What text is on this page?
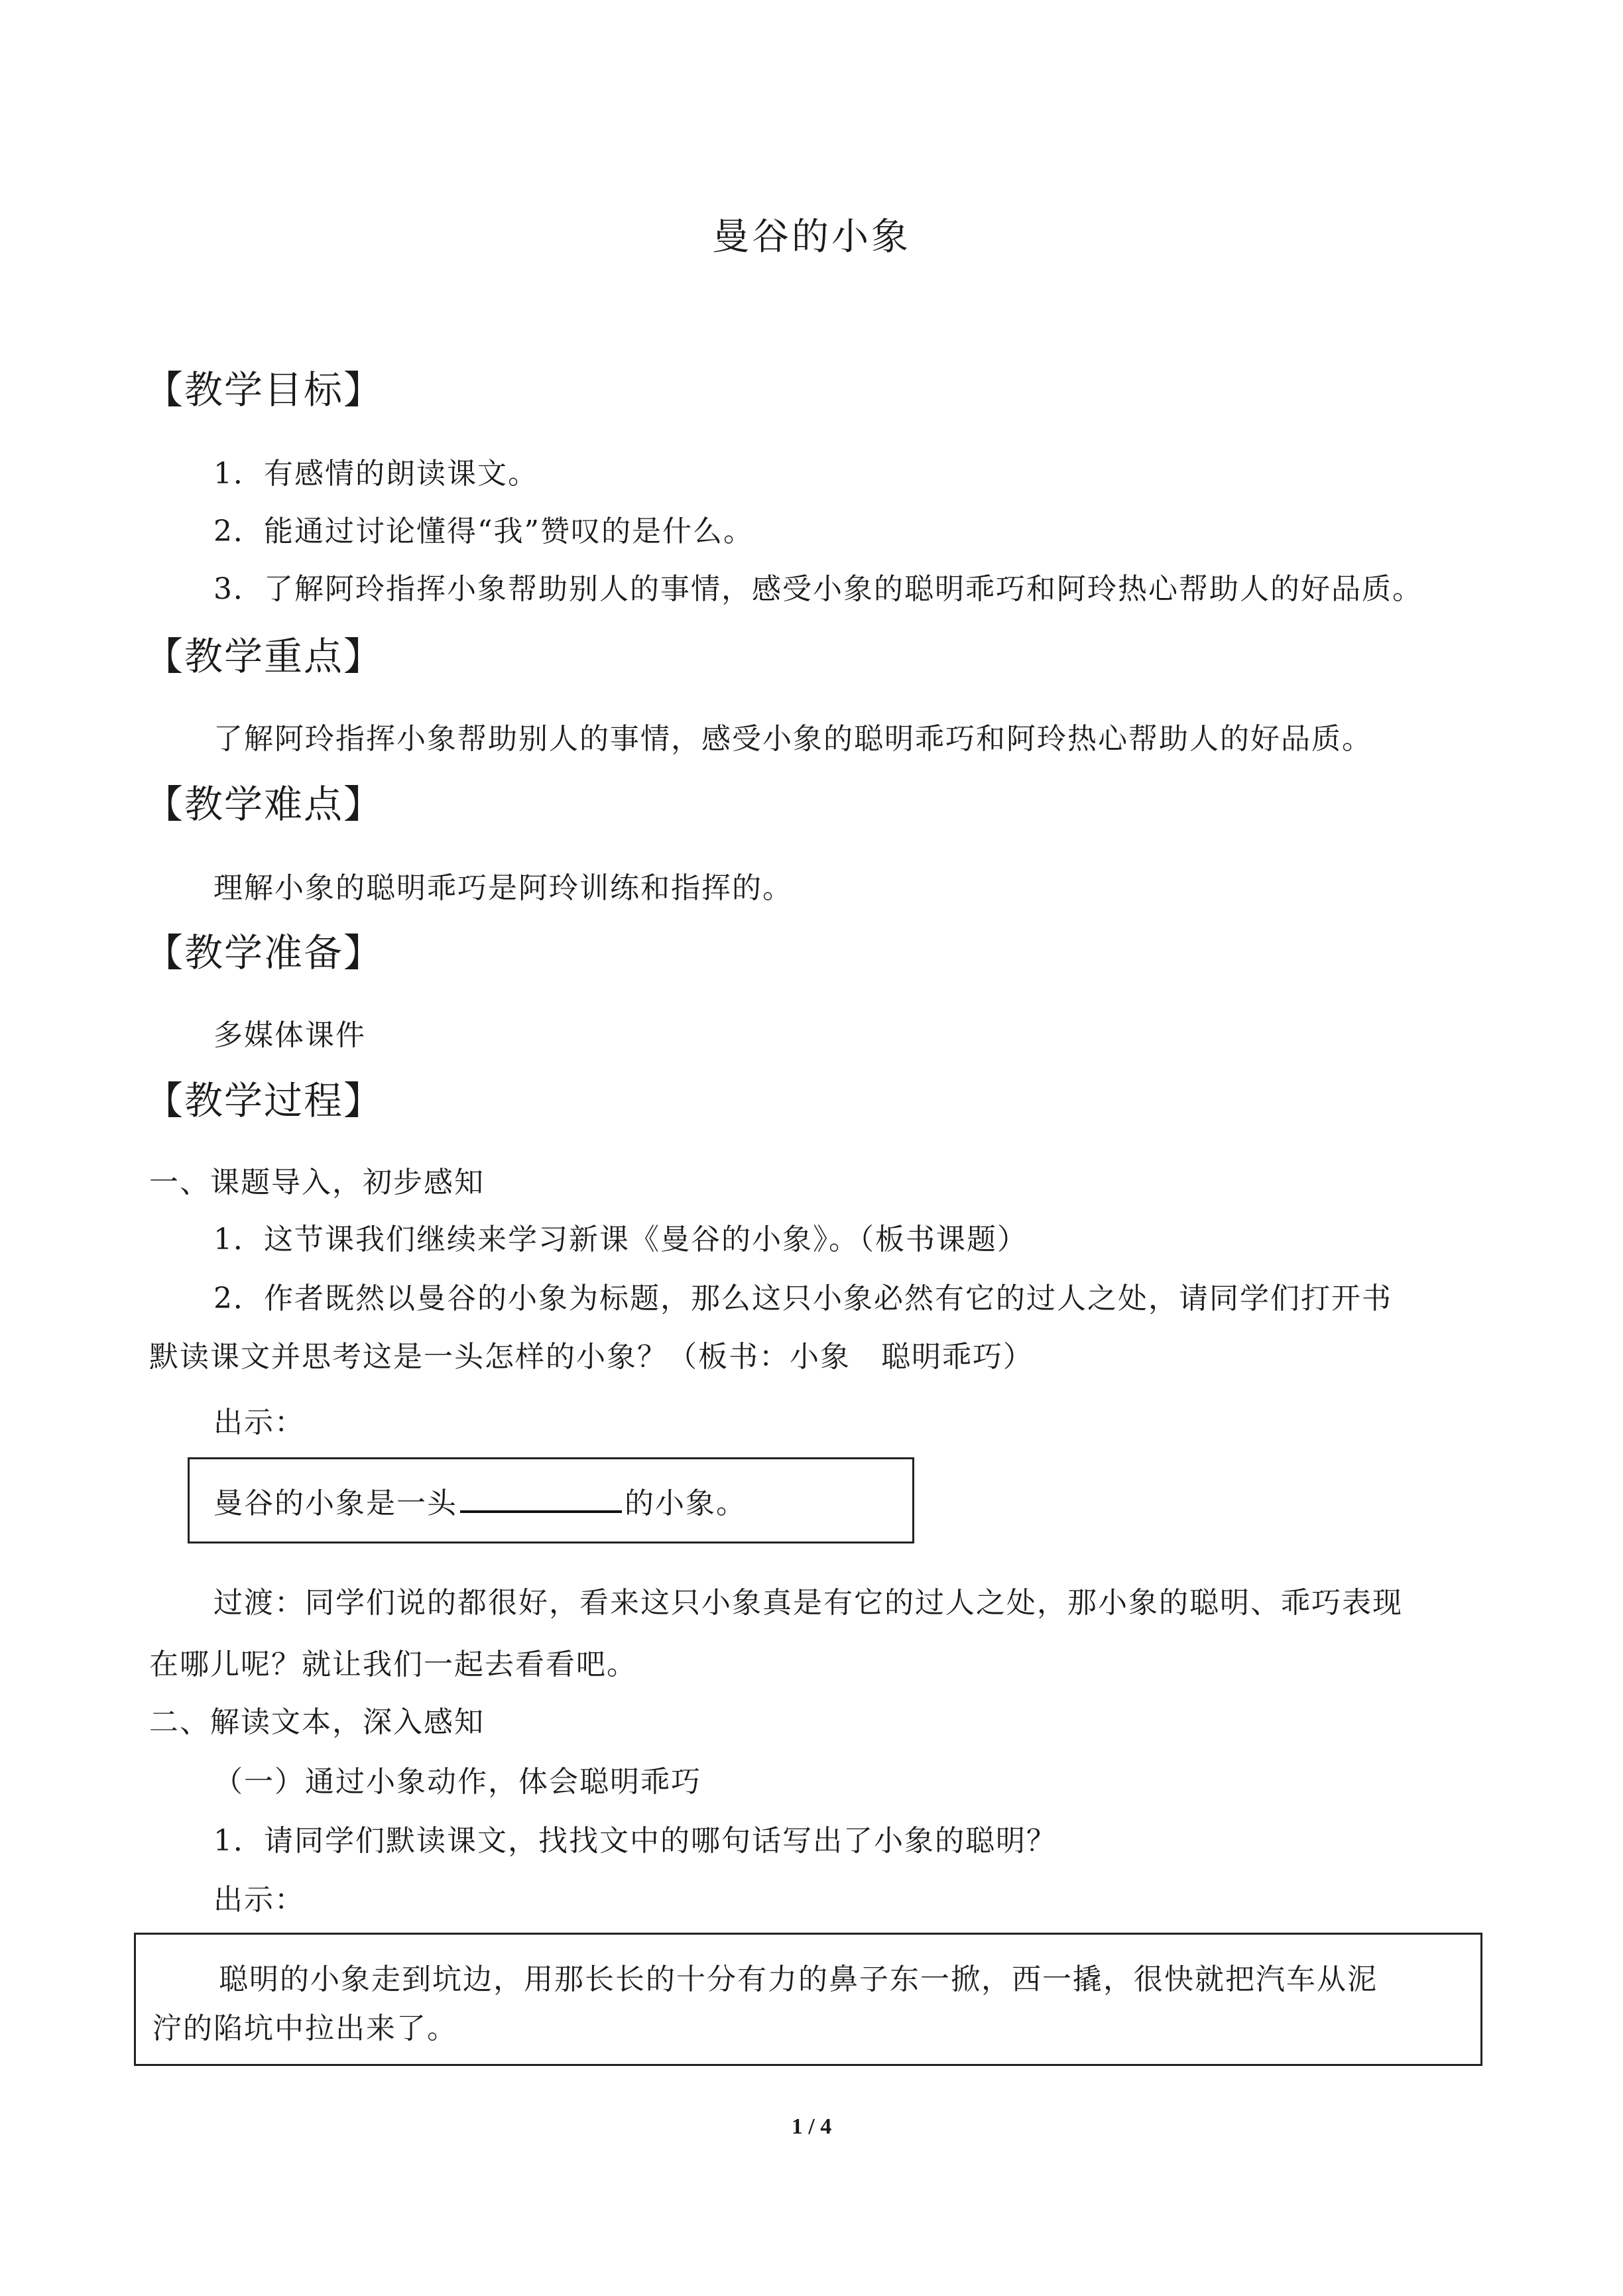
曼谷的小象
【教学目标】
1．有感情的朗读课文。
2．能通过讨论懂得“我”赞叹的是什么。
3．了解阿玲指挥小象帮助别人的事情，感受小象的聪明乖巧和阿玲热心帮助人的好品质。
【教学重点】
了解阿玲指挥小象帮助别人的事情，感受小象的聪明乖巧和阿玲热心帮助人的好品质。
【教学难点】
理解小象的聪明乖巧是阿玲训练和指挥的。
【教学准备】
多媒体课件
【教学过程】
一、课题导入，初步感知
1．这节课我们继续来学习新课《曼谷的小象》。（板书课题）
2．作者既然以曼谷的小象为标题，那么这只小象必然有它的过人之处，请同学们打开书
默读课文并思考这是一头怎样的小象？（板书：小象　聪明乖巧）
出示：
曼谷的小象是一头	的小象。
过渡：同学们说的都很好，看来这只小象真是有它的过人之处，那小象的聪明、乖巧表现
在哪儿呢？就让我们一起去看看吧。
二、解读文本，深入感知
（一）通过小象动作，体会聪明乖巧
1．请同学们默读课文，找找文中的哪句话写出了小象的聪明？
出示：
聪明的小象走到坑边，用那长长的十分有力的鼻子东一掀，西一撬，很快就把汽车从泥
泞的陷坑中拉出来了。
1 / 4
